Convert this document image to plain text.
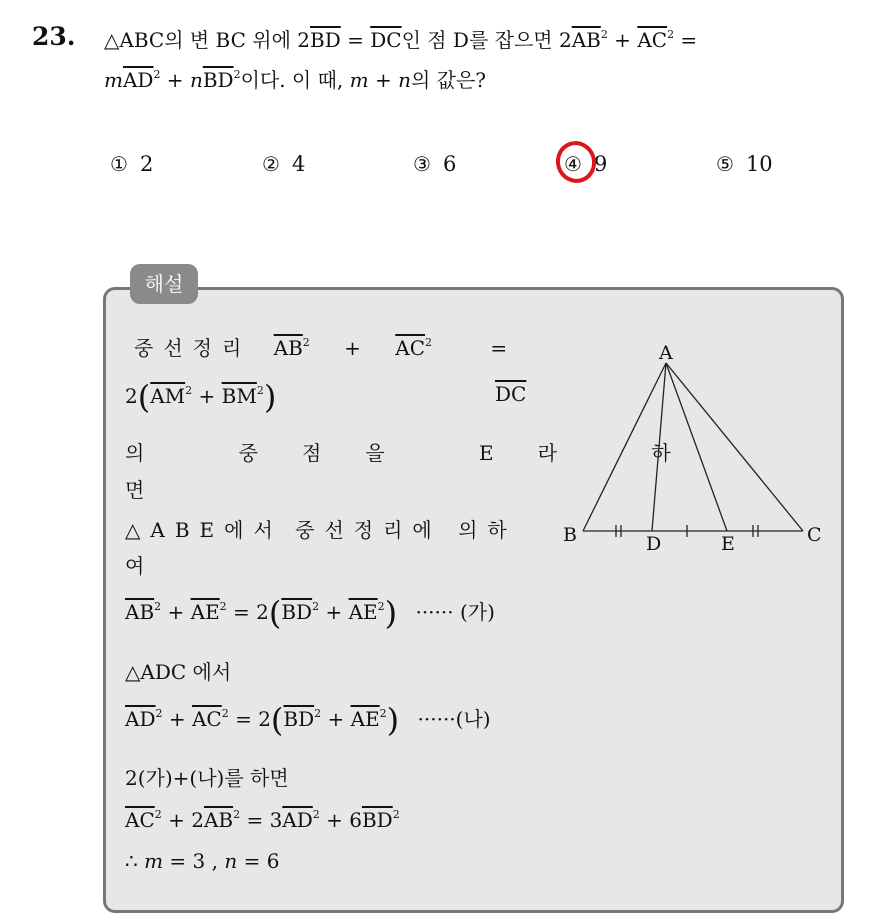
23. △ABC의 변 BC 위에 $2\overline{BD} = \overline{DC}$인 점 D를 잡으면 $2\overline{AB}^2 + \overline{AC}^2$ =
$m\overline{AD}^2 + n\overline{BD}^2$이다. 이 때, m + n의 값은?
① 2	② 4	③ 6	④ 9	⑤ 10
해설
중선정리 $\overline{AB}^2 + \overline{AC}^2$	=
$2(\overline{AM}^2 + \overline{BM}^2)$	$\overline{DC}$
의 중점을 E라 하
면
△ABE에서 중선정리에 의하
여
$\overline{AB}^2 + \overline{AE}^2 = 2(\overline{BD}^2 + \overline{AE}^2)$ ······ (가)
△ADC 에서
$\overline{AD}^2 + \overline{AC}^2 = 2(\overline{BD}^2 + \overline{AE}^2)$ ······(나)
2(가)+(나)를 하면
$\overline{AC}^2 + 2\overline{AB}^2 = 3\overline{AD}^2 + 6\overline{BD}^2$
∴ m = 3 , n = 6
A
B	C
D	E
